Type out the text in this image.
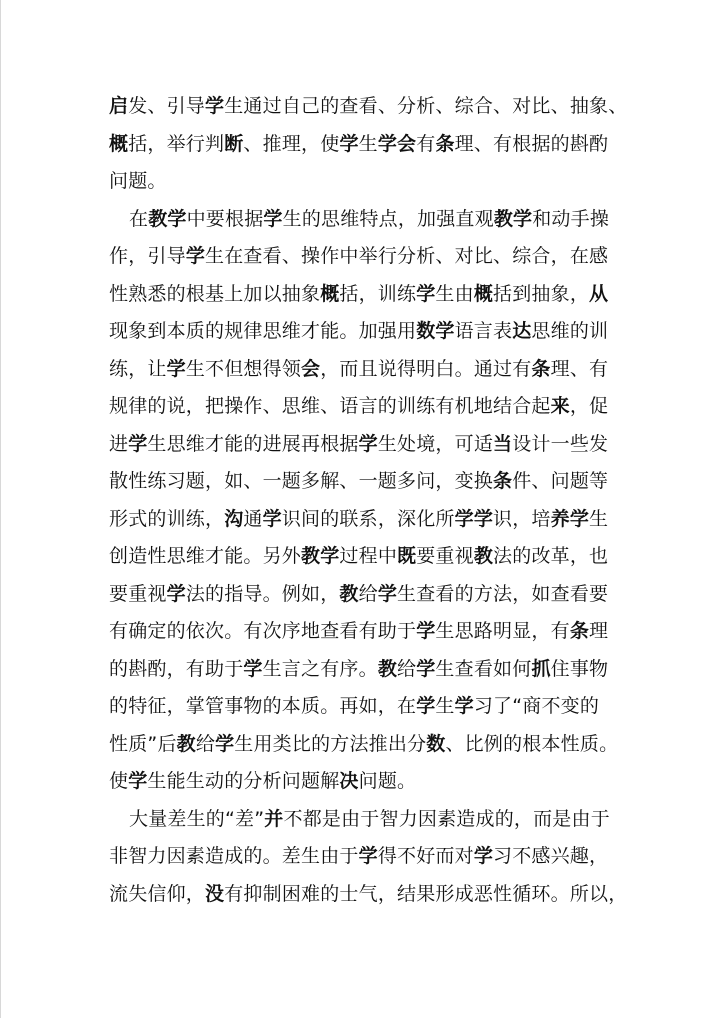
启发、引导学生通过自己的查看、分析、综合、对比、抽象、
概括，举行判断、推理，使学生学会有条理、有根据的斟酌
问题。
在教学中要根据学生的思维特点，加强直观教学和动手操
作，引导学生在查看、操作中举行分析、对比、综合，在感
性熟悉的根基上加以抽象概括，训练学生由概括到抽象，从
现象到本质的规律思维才能。加强用数学语言表达思维的训
练，让学生不但想得领会，而且说得明白。通过有条理、有
规律的说，把操作、思维、语言的训练有机地结合起来，促
进学生思维才能的进展再根据学生处境，可适当设计一些发
散性练习题，如、一题多解、一题多问，变换条件、问题等
形式的训练，沟通学识间的联系，深化所学学识，培养学生
创造性思维才能。另外教学过程中既要重视教法的改革，也
要重视学法的指导。例如，教给学生查看的方法，如查看要
有确定的依次。有次序地查看有助于学生思路明显，有条理
的斟酌，有助于学生言之有序。教给学生查看如何抓住事物
的特征，掌管事物的本质。再如，在学生学习了“商不变的
性质”后教给学生用类比的方法推出分数、比例的根本性质。
使学生能生动的分析问题解决问题。
大量差生的“差”并不都是由于智力因素造成的，而是由于
非智力因素造成的。差生由于学得不好而对学习不感兴趣，
流失信仰，没有抑制困难的士气，结果形成恶性循环。所以，
